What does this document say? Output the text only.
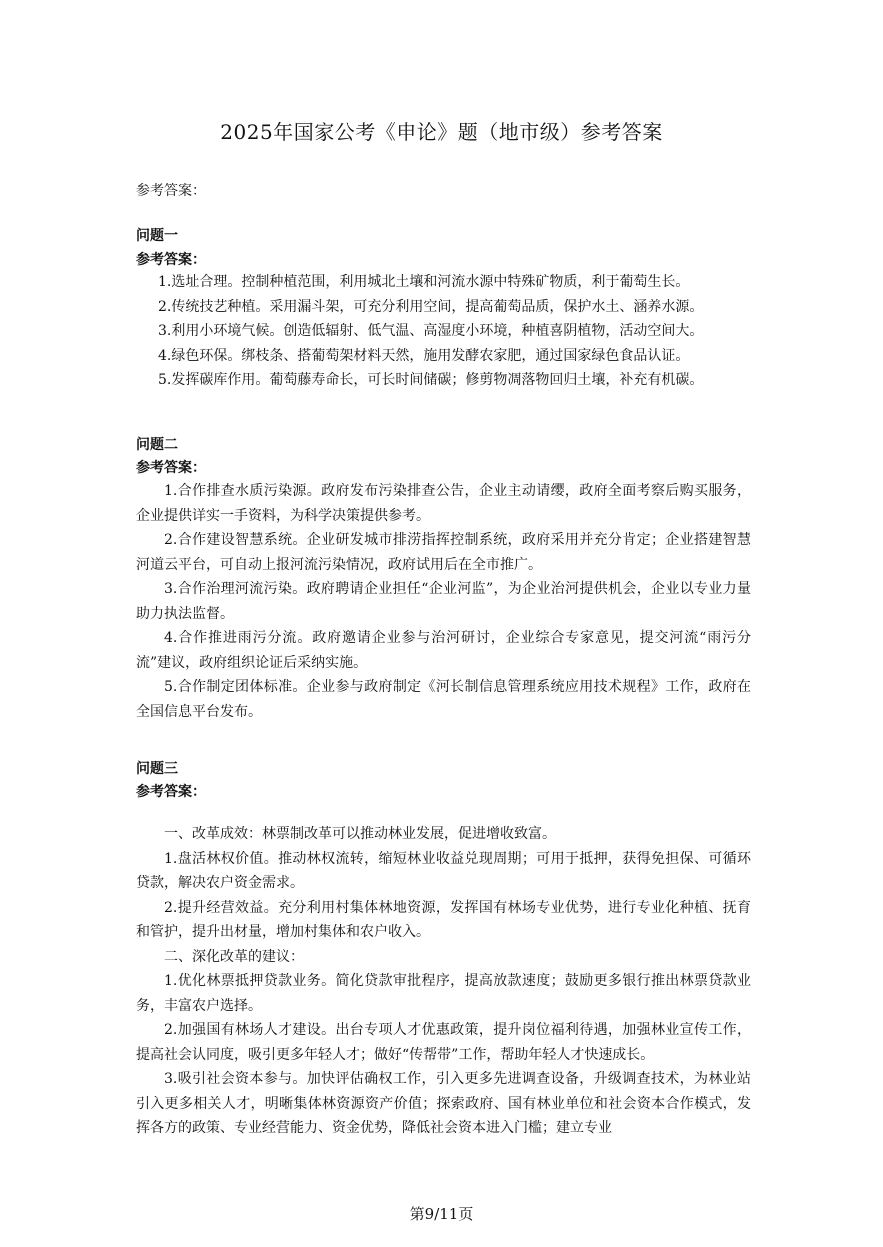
2025年国家公考《申论》题（地市级）参考答案
参考答案：
问题一
参考答案：
1.选址合理。控制种植范围，利用城北土壤和河流水源中特殊矿物质，利于葡萄生长。
2.传统技艺种植。采用漏斗架，可充分利用空间，提高葡萄品质，保护水土、涵养水源。
3.利用小环境气候。创造低辐射、低气温、高湿度小环境，种植喜阴植物，活动空间大。
4.绿色环保。绑枝条、搭葡萄架材料天然，施用发酵农家肥，通过国家绿色食品认证。
5.发挥碳库作用。葡萄藤寿命长，可长时间储碳；修剪物凋落物回归土壤，补充有机碳。
问题二
参考答案：
1.合作排查水质污染源。政府发布污染排查公告，企业主动请缨，政府全面考察后购买服务，企业提供详实一手资料，为科学决策提供参考。
2.合作建设智慧系统。企业研发城市排涝指挥控制系统，政府采用并充分肯定；企业搭建智慧河道云平台，可自动上报河流污染情况，政府试用后在全市推广。
3.合作治理河流污染。政府聘请企业担任“企业河监”，为企业治河提供机会，企业以专业力量助力执法监督。
4.合作推进雨污分流。政府邀请企业参与治河研讨，企业综合专家意见，提交河流“雨污分流”建议，政府组织论证后采纳实施。
5.合作制定团体标准。企业参与政府制定《河长制信息管理系统应用技术规程》工作，政府在全国信息平台发布。
问题三
参考答案：
一、改革成效：林票制改革可以推动林业发展，促进增收致富。
1.盘活林权价值。推动林权流转，缩短林业收益兑现周期；可用于抵押，获得免担保、可循环贷款，解决农户资金需求。
2.提升经营效益。充分利用村集体林地资源，发挥国有林场专业优势，进行专业化种植、抚育和管护，提升出材量，增加村集体和农户收入。
二、深化改革的建议：
1.优化林票抵押贷款业务。简化贷款审批程序，提高放款速度；鼓励更多银行推出林票贷款业务，丰富农户选择。
2.加强国有林场人才建设。出台专项人才优惠政策，提升岗位福利待遇，加强林业宣传工作，提高社会认同度，吸引更多年轻人才；做好“传帮带”工作，帮助年轻人才快速成长。
3.吸引社会资本参与。加快评估确权工作，引入更多先进调查设备，升级调查技术，为林业站引入更多相关人才，明晰集体林资源资产价值；探索政府、国有林业单位和社会资本合作模式，发挥各方的政策、专业经营能力、资金优势，降低社会资本进入门槛；建立专业
第9/11页
